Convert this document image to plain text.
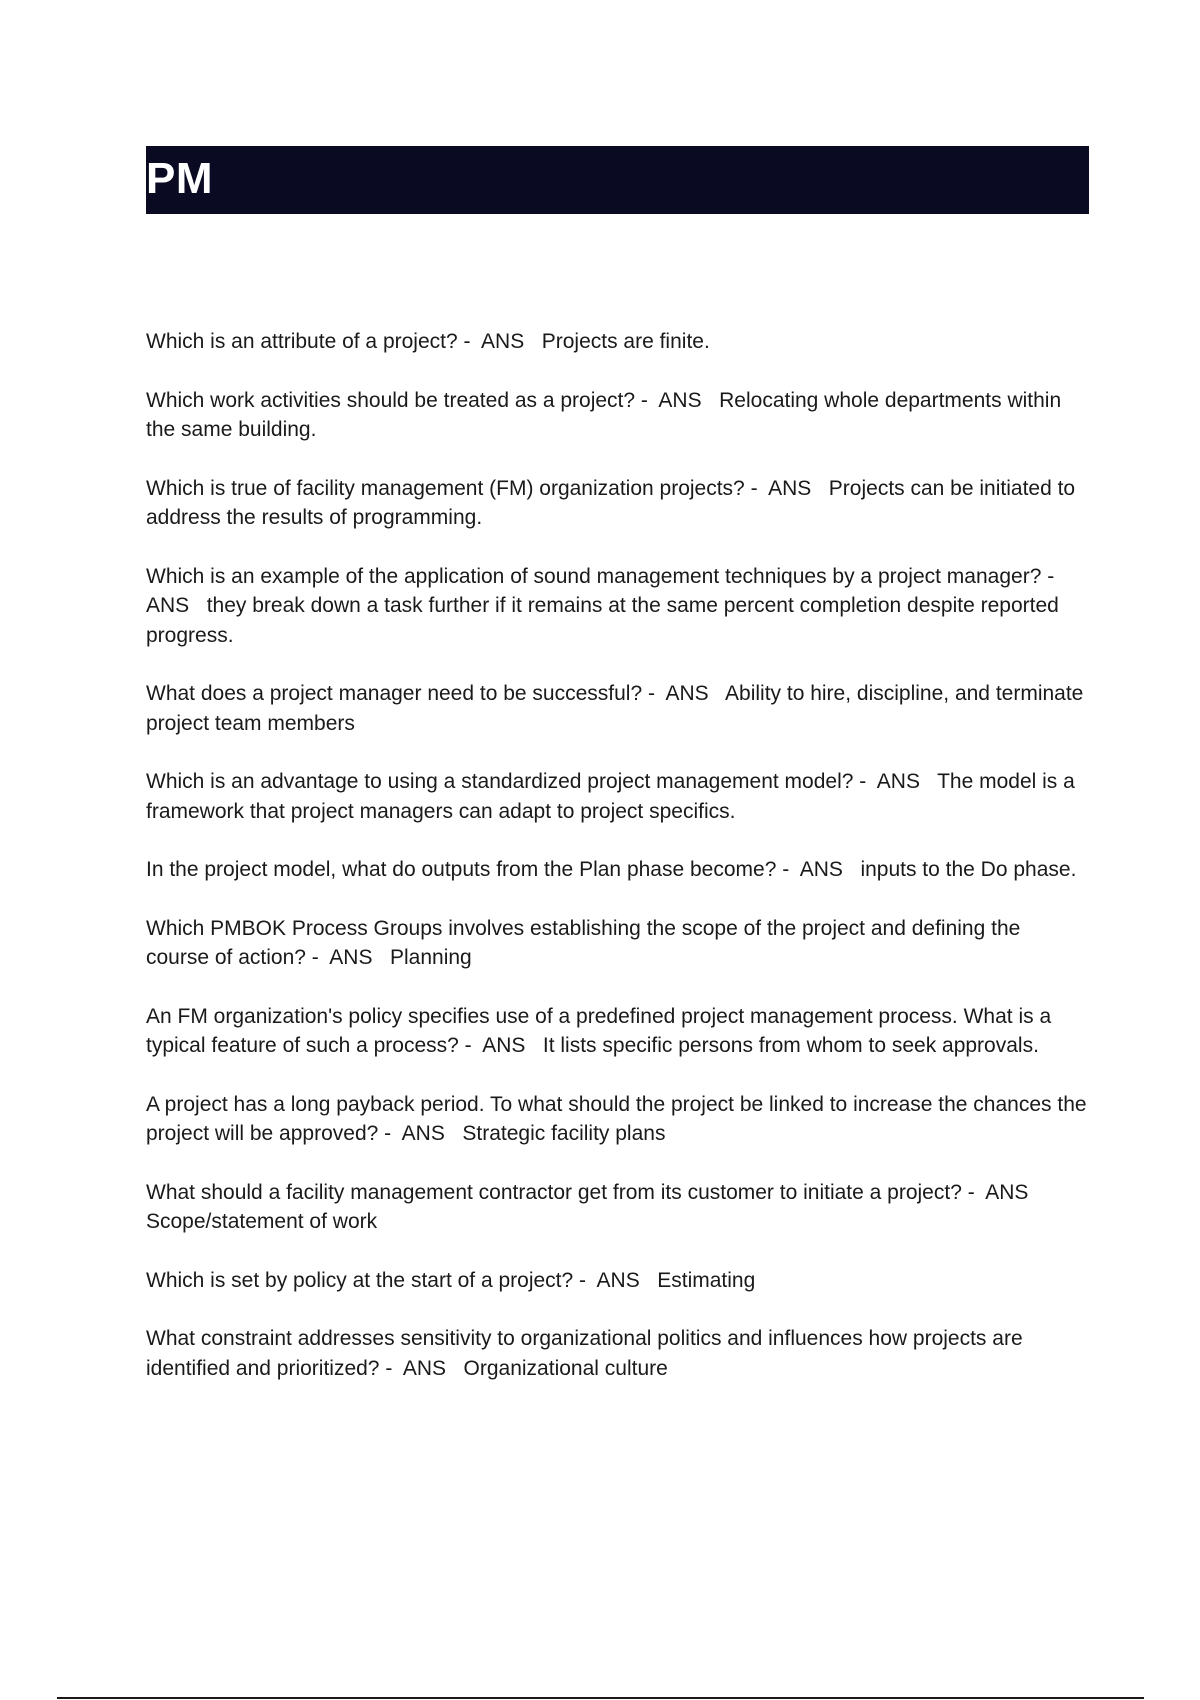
PM
Which is an attribute of a project? -  ANS Projects are finite.
Which work activities should be treated as a project? -  ANS Relocating whole departments within the same building.
Which is true of facility management (FM) organization projects? -  ANS Projects can be initiated to address the results of programming.
Which is an example of the application of sound management techniques by a project manager? -  ANS they break down a task further if it remains at the same percent completion despite reported progress.
What does a project manager need to be successful? -  ANS Ability to hire, discipline, and terminate project team members
Which is an advantage to using a standardized project management model? -  ANS The model is a framework that project managers can adapt to project specifics.
In the project model, what do outputs from the Plan phase become? -  ANS inputs to the Do phase.
Which PMBOK Process Groups involves establishing the scope of the project and defining the course of action? -  ANS Planning
An FM organization's policy specifies use of a predefined project management process. What is a typical feature of such a process? -  ANS It lists specific persons from whom to seek approvals.
A project has a long payback period. To what should the project be linked to increase the chances the project will be approved? -  ANS Strategic facility plans
What should a facility management contractor get from its customer to initiate a project? -  ANS   Scope/statement of work
Which is set by policy at the start of a project? -  ANS Estimating
What constraint addresses sensitivity to organizational politics and influences how projects are identified and prioritized? -  ANS Organizational culture
